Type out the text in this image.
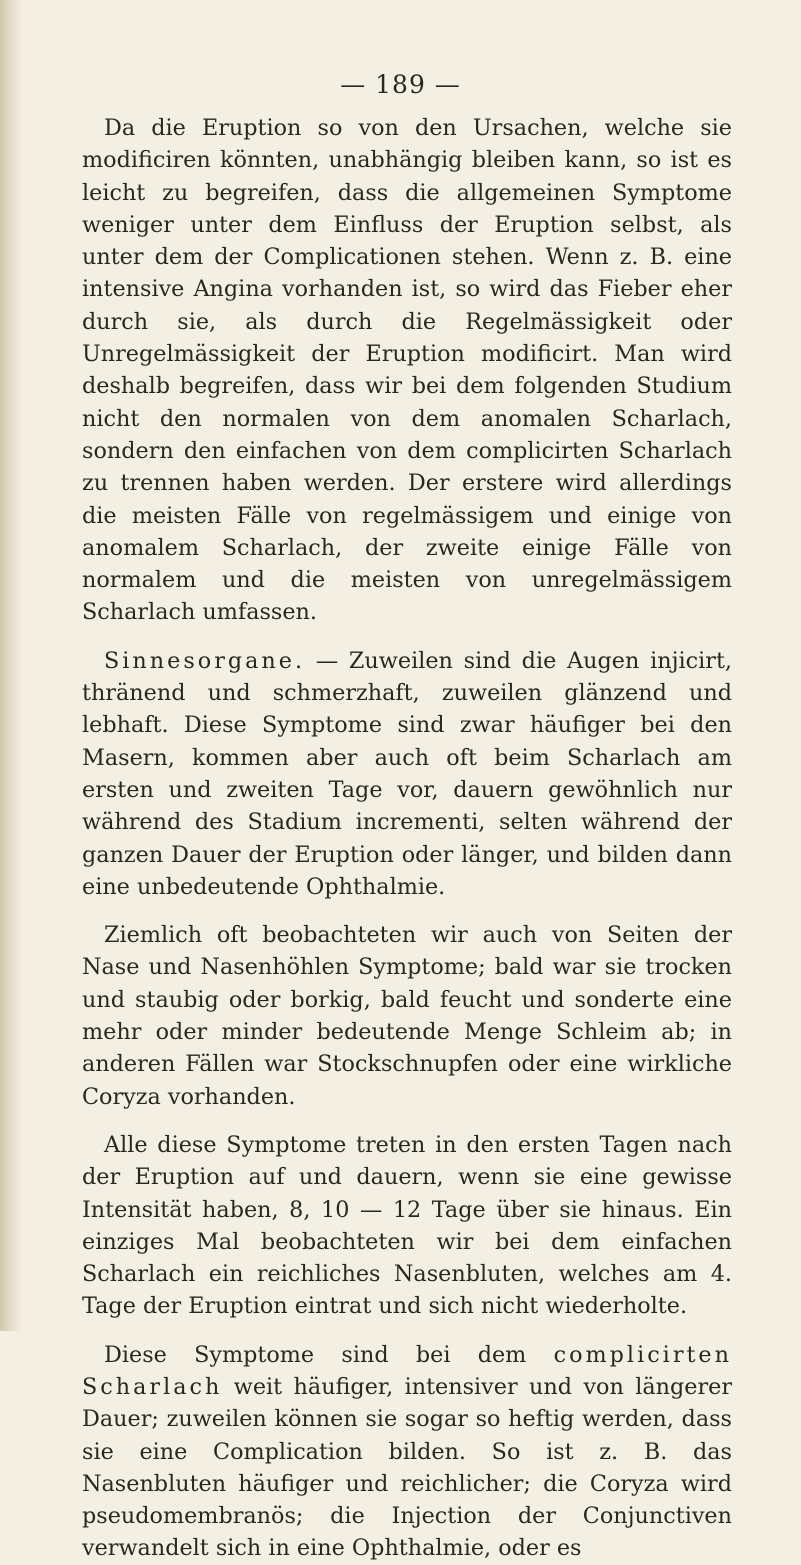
— 189 —

Da die Eruption so von den Ursachen, welche sie modificiren könnten, unabhängig bleiben kann, so ist es leicht zu begreifen, dass die allgemeinen Symptome weniger unter dem Einfluss der Eruption selbst, als unter dem der Complicationen stehen. Wenn z. B. eine intensive Angina vorhanden ist, so wird das Fieber eher durch sie, als durch die Regelmässigkeit oder Unregelmässigkeit der Eruption modificirt. Man wird deshalb begreifen, dass wir bei dem folgenden Studium nicht den normalen von dem anomalen Scharlach, sondern den einfachen von dem complicirten Scharlach zu trennen haben werden. Der erstere wird allerdings die meisten Fälle von regelmässigem und einige von anomalem Scharlach, der zweite einige Fälle von normalem und die meisten von unregelmässigem Scharlach umfassen.

Sinnesorgane. — Zuweilen sind die Augen injicirt, thränend und schmerzhaft, zuweilen glänzend und lebhaft. Diese Symptome sind zwar häufiger bei den Masern, kommen aber auch oft beim Scharlach am ersten und zweiten Tage vor, dauern gewöhnlich nur während des Stadium incrementi, selten während der ganzen Dauer der Eruption oder länger, und bilden dann eine unbedeutende Ophthalmie.

Ziemlich oft beobachteten wir auch von Seiten der Nase und Nasenhöhlen Symptome; bald war sie trocken und staubig oder borkig, bald feucht und sonderte eine mehr oder minder bedeutende Menge Schleim ab; in anderen Fällen war Stockschnupfen oder eine wirkliche Coryza vorhanden.

Alle diese Symptome treten in den ersten Tagen nach der Eruption auf und dauern, wenn sie eine gewisse Intensität haben, 8, 10 — 12 Tage über sie hinaus. Ein einziges Mal beobachteten wir bei dem einfachen Scharlach ein reichliches Nasenbluten, welches am 4. Tage der Eruption eintrat und sich nicht wiederholte.

Diese Symptome sind bei dem complicirten Scharlach weit häufiger, intensiver und von längerer Dauer; zuweilen können sie sogar so heftig werden, dass sie eine Complication bilden. So ist z. B. das Nasenbluten häufiger und reichlicher; die Coryza wird pseudomembranös; die Injection der Conjunctiven verwandelt sich in eine Ophthalmie, oder es
